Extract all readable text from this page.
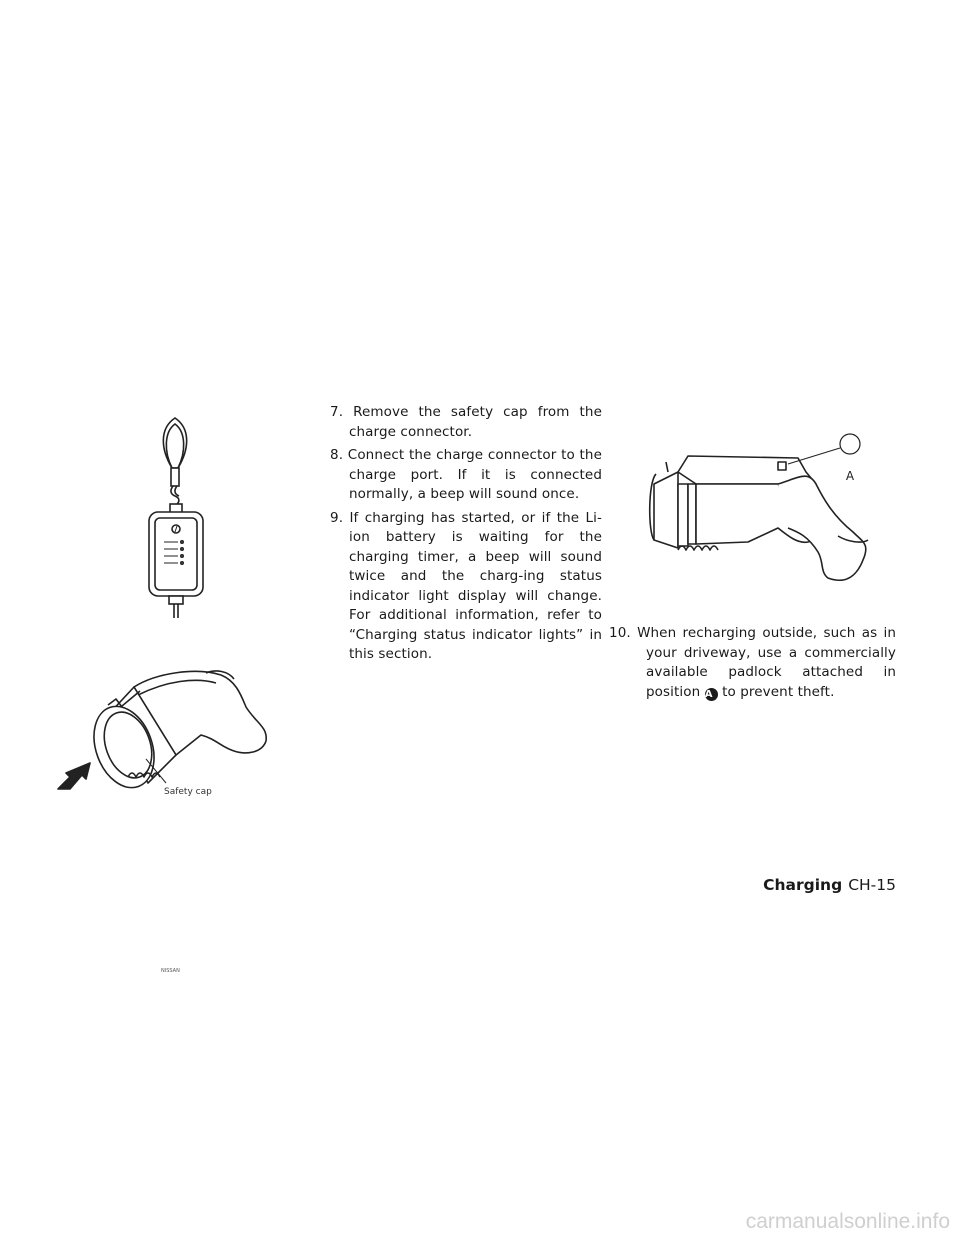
NISSAN
Safety cap
7. Remove the safety cap from the charge connector.
8. Connect the charge connector to the charge port. If it is connected normally, a beep will sound once.
9. If charging has started, or if the Li-ion battery is waiting for the charging timer, a beep will sound twice and the charg-ing status indicator light display will change. For additional information, refer to “Charging status indicator lights” in this section.
A
10. When recharging outside, such as in your driveway, use a commercially available padlock attached in position A to prevent theft.
Charging CH-15
carmanualsonline.info
